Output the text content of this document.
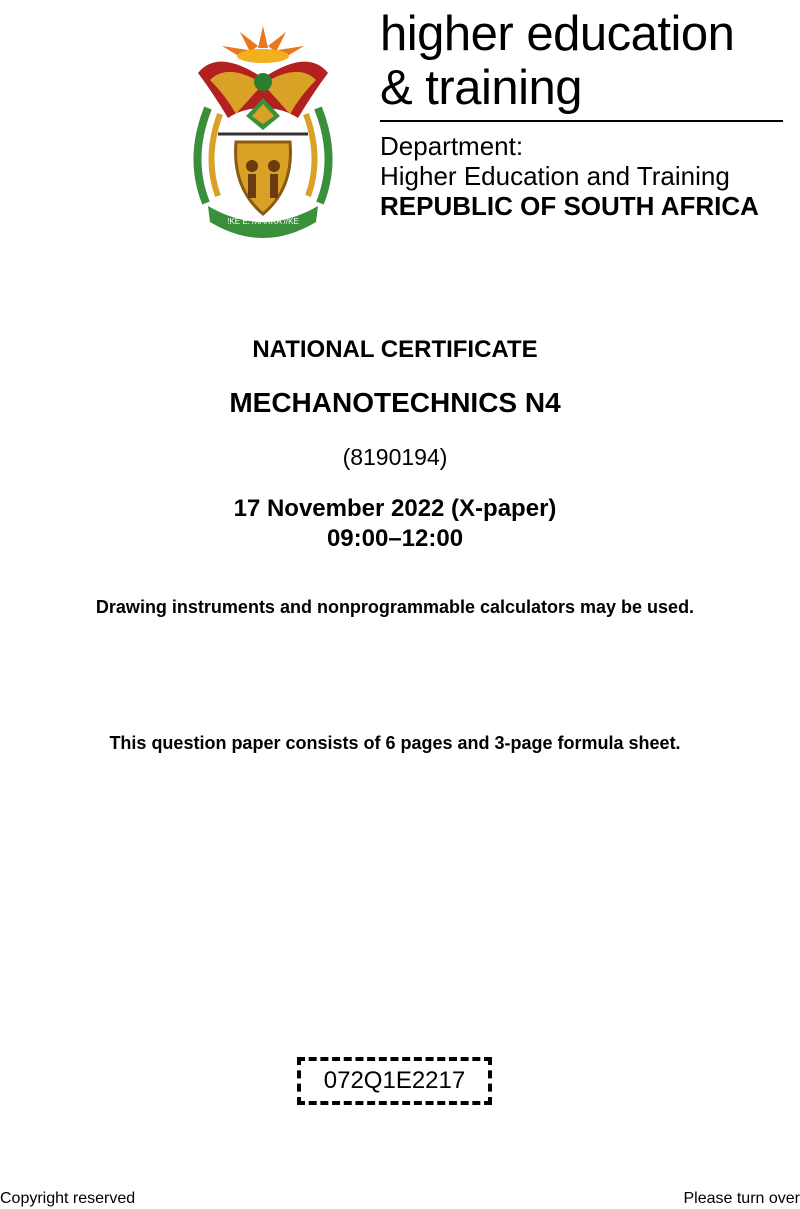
!KE E: /XARRA //KE
higher education
& training
Department:
Higher Education and Training
REPUBLIC OF SOUTH AFRICA
NATIONAL CERTIFICATE
MECHANOTECHNICS N4
(8190194)
17 November 2022 (X-paper)
09:00–12:00
Drawing instruments and nonprogrammable calculators may be used.
This question paper consists of 6 pages and 3-page formula sheet.
072Q1E2217
Copyright reserved	Please turn over
